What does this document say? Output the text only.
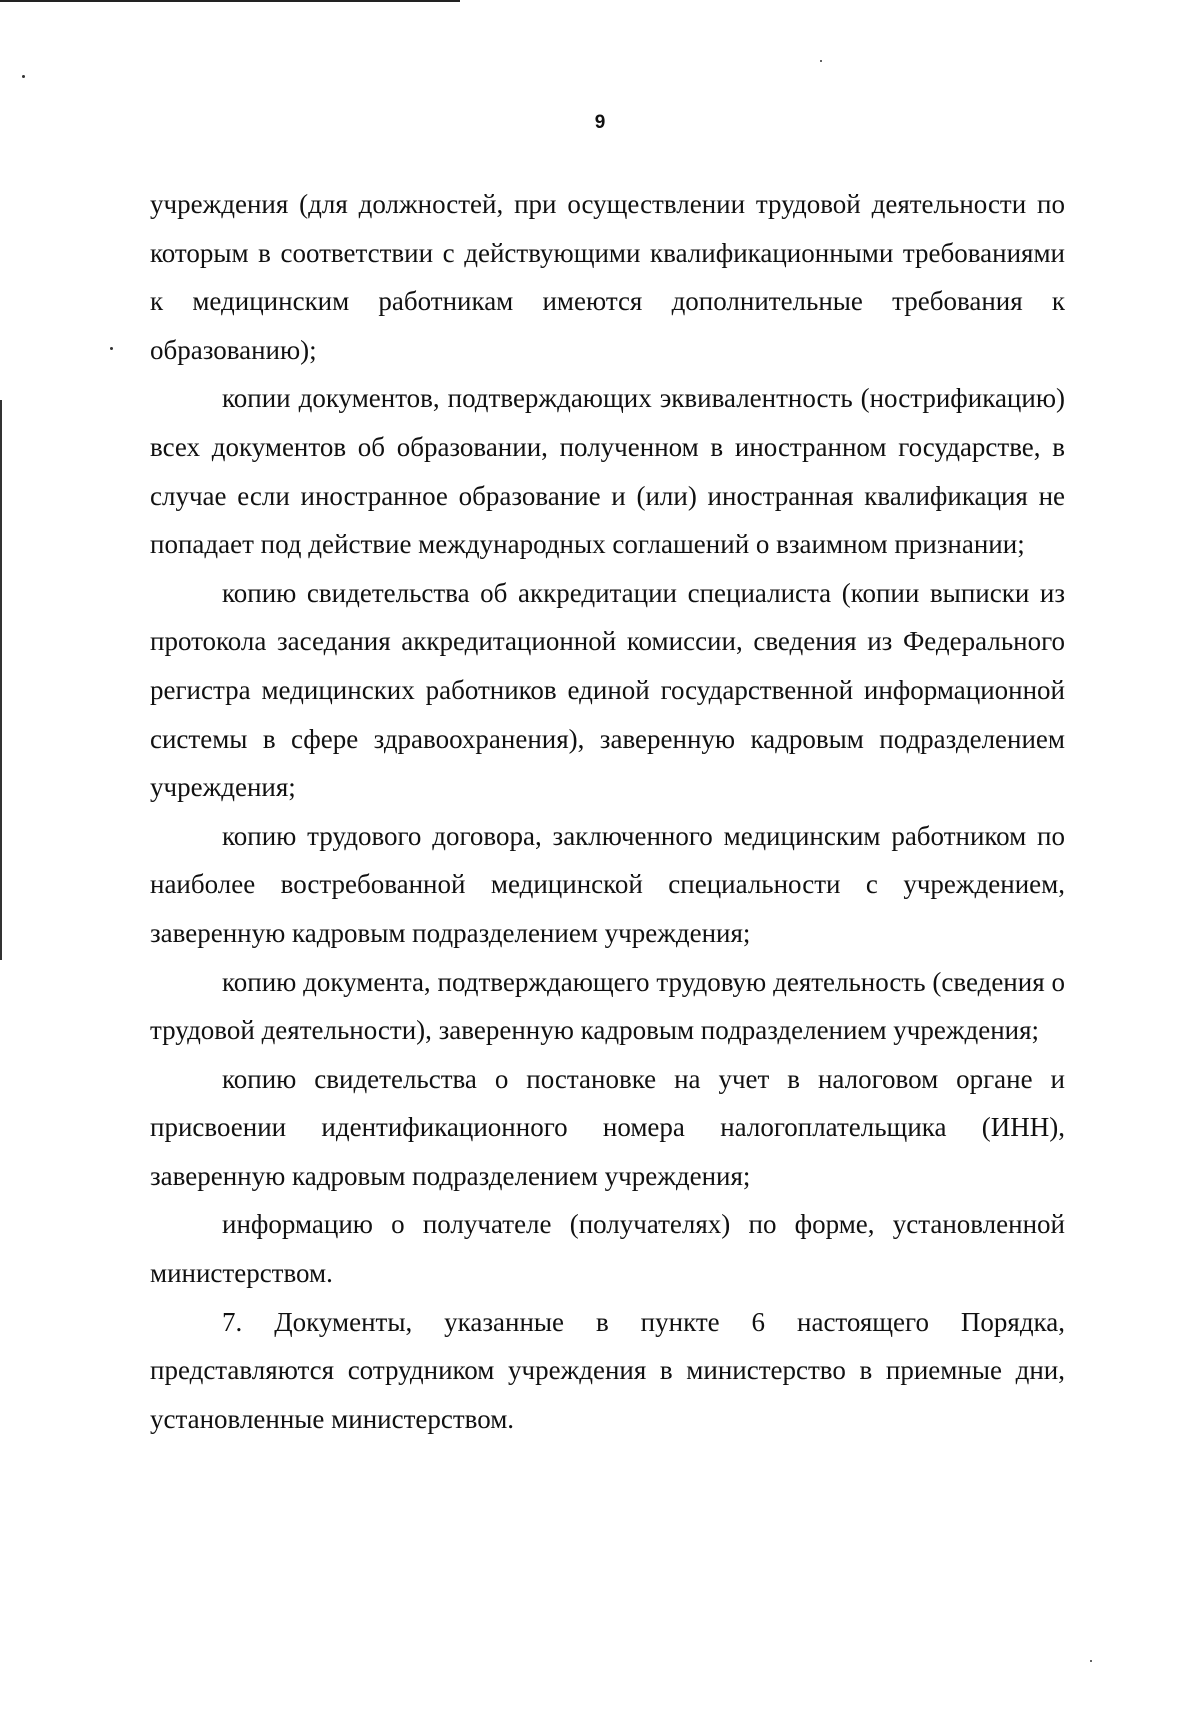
9

учреждения (для должностей, при осуществлении трудовой деятельности по которым в соответствии с действующими квалификационными требованиями к медицинским работникам имеются дополнительные требования к образованию);

копии документов, подтверждающих эквивалентность (нострификацию) всех документов об образовании, полученном в иностранном государстве, в случае если иностранное образование и (или) иностранная квалификация не попадает под действие международных соглашений о взаимном признании;

копию свидетельства об аккредитации специалиста (копии выписки из протокола заседания аккредитационной комиссии, сведения из Федерального регистра медицинских работников единой государственной информационной системы в сфере здравоохранения), заверенную кадровым подразделением учреждения;

копию трудового договора, заключенного медицинским работником по наиболее востребованной медицинской специальности с учреждением, заверенную кадровым подразделением учреждения;

копию документа, подтверждающего трудовую деятельность (сведения о трудовой деятельности), заверенную кадровым подразделением учреждения;

копию свидетельства о постановке на учет в налоговом органе и присвоении идентификационного номера налогоплательщика (ИНН), заверенную кадровым подразделением учреждения;

информацию о получателе (получателях) по форме, установленной министерством.

7. Документы, указанные в пункте 6 настоящего Порядка, представляются сотрудником учреждения в министерство в приемные дни, установленные министерством.
